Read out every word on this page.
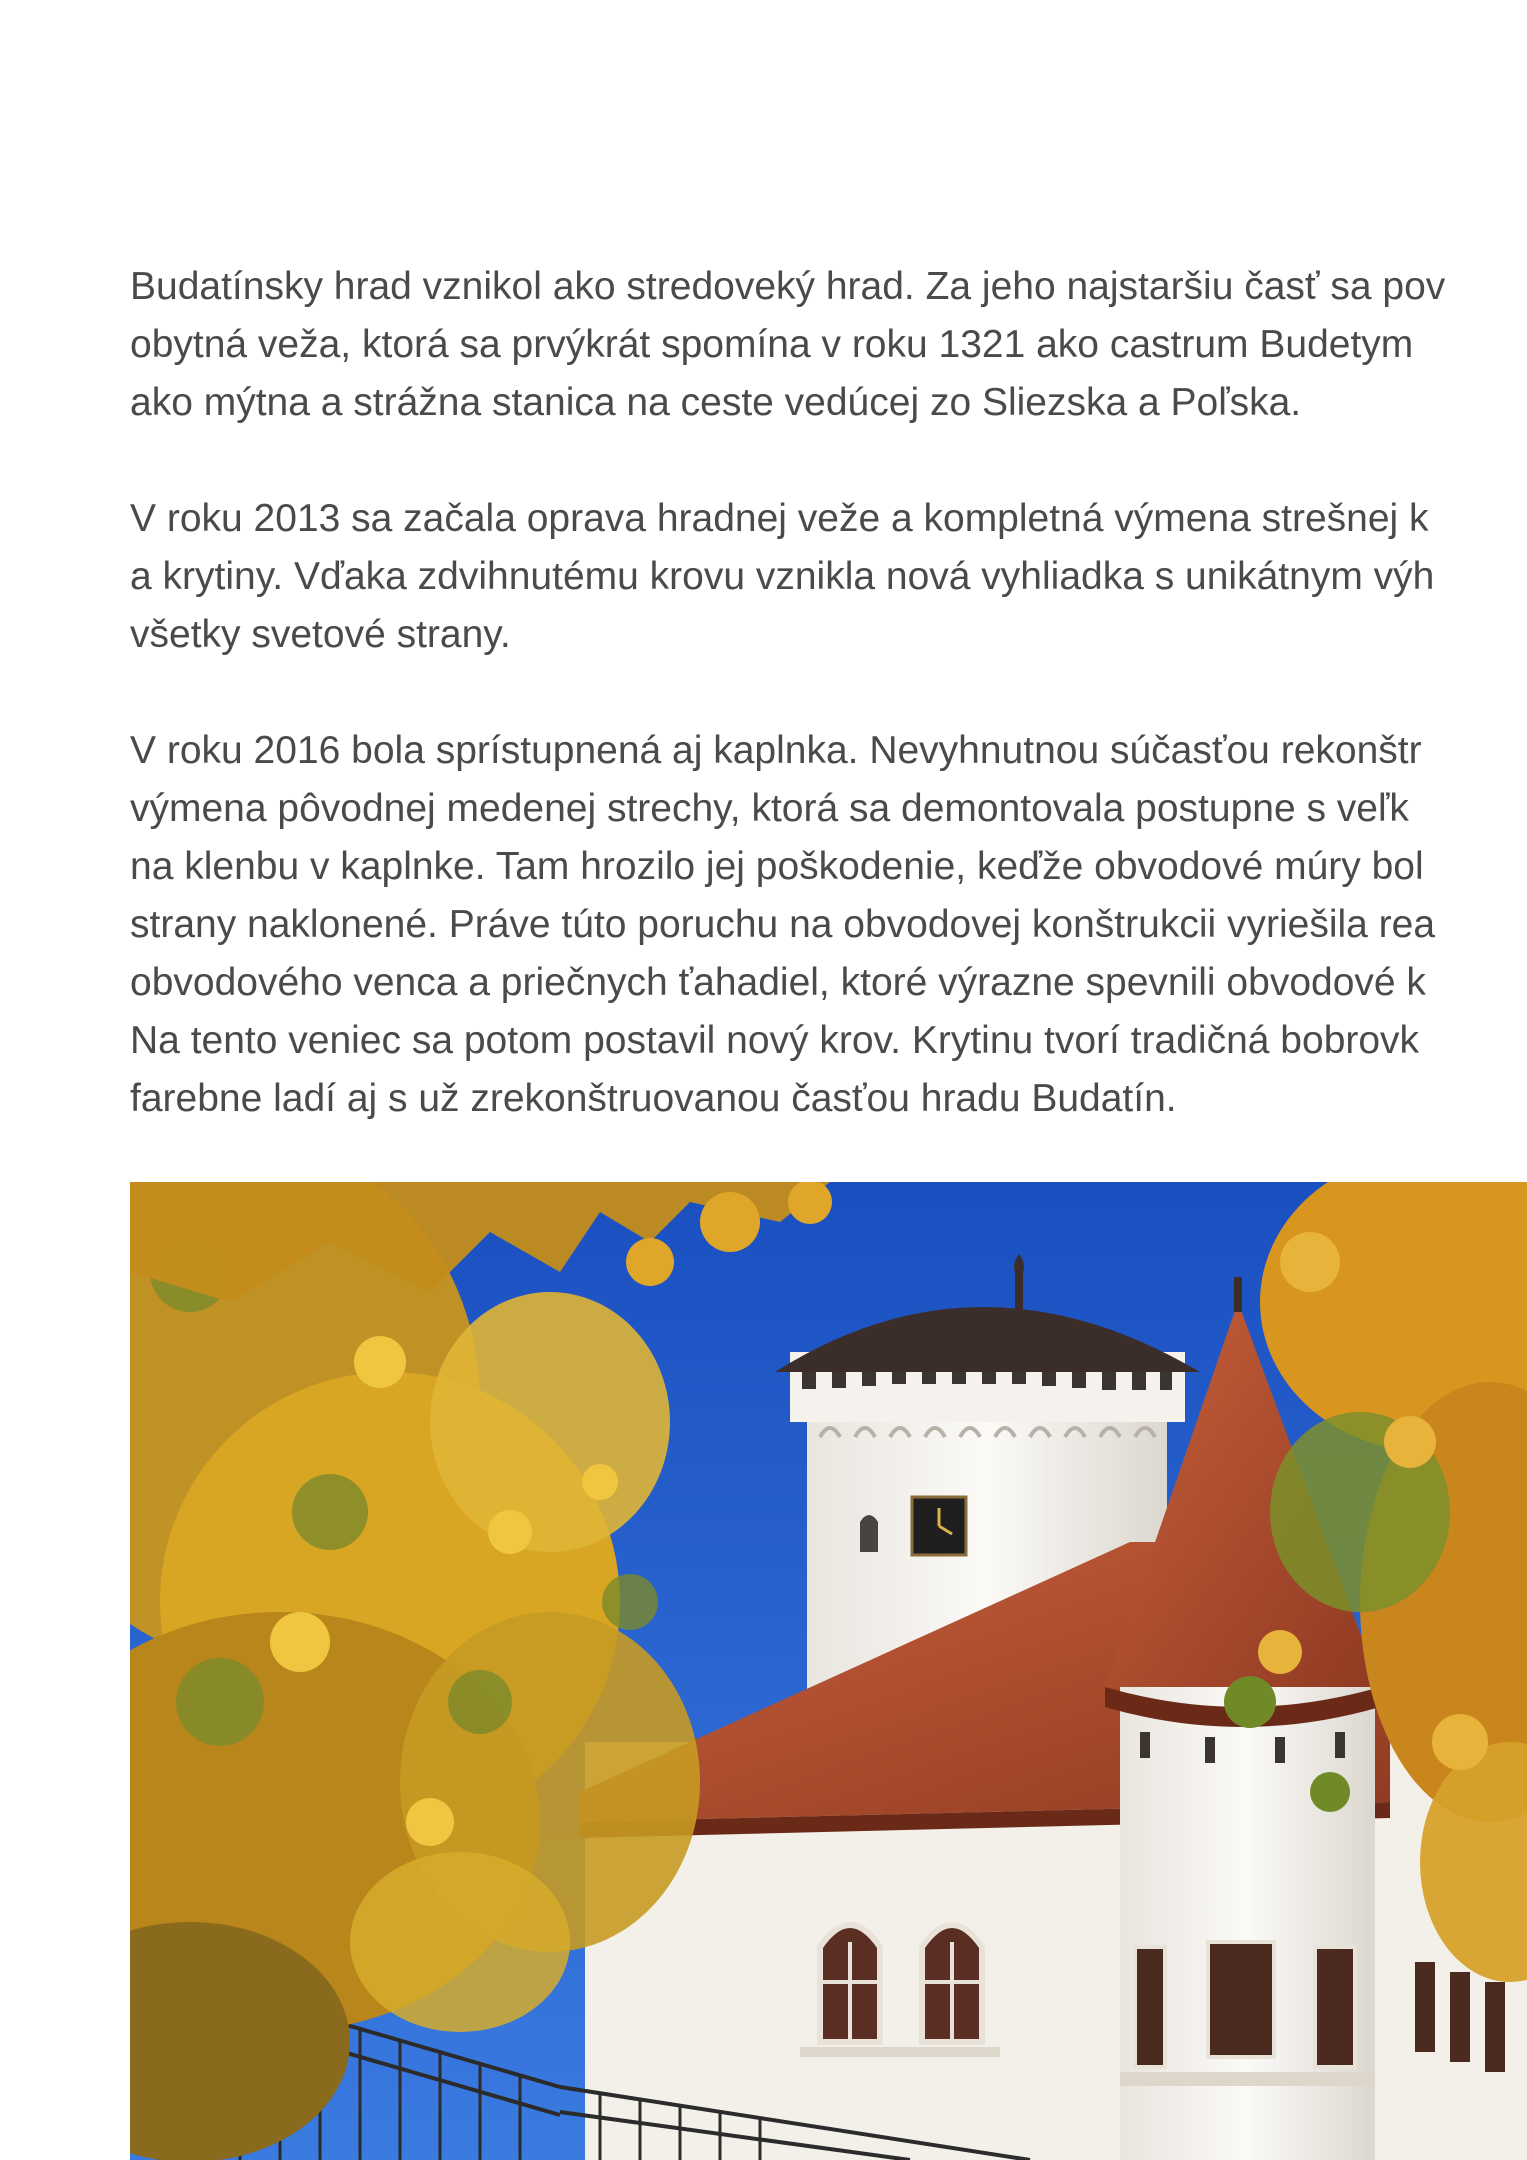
Budatínsky hrad vznikol ako stredoveký hrad. Za jeho najstaršiu časť sa pov
obytná veža, ktorá sa prvýkrát spomína v roku 1321 ako castrum Budetym
ako mýtna a strážna stanica na ceste vedúcej zo Sliezska a Poľska.

V roku 2013 sa začala oprava hradnej veže a kompletná výmena strešnej k
a krytiny. Vďaka zdvihnutému krovu vznikla nová vyhliadka s unikátnym výh
všetky svetové strany.

V roku 2016 bola sprístupnená aj kaplnka. Nevyhnutnou súčasťou rekonštr
výmena pôvodnej medenej strechy, ktorá sa demontovala postupne s veľk
na klenbu v kaplnke. Tam hrozilo jej poškodenie, keďže obvodové múry bol
strany naklonené. Práve túto poruchu na obvodovej konštrukcii vyriešila rea
obvodového venca a priečnych ťahadiel, ktoré výrazne spevnili obvodové k
Na tento veniec sa potom postavil nový krov. Krytinu tvorí tradičná bobrovk
farebne ladí aj s už zrekonštruovanou časťou hradu Budatín.
